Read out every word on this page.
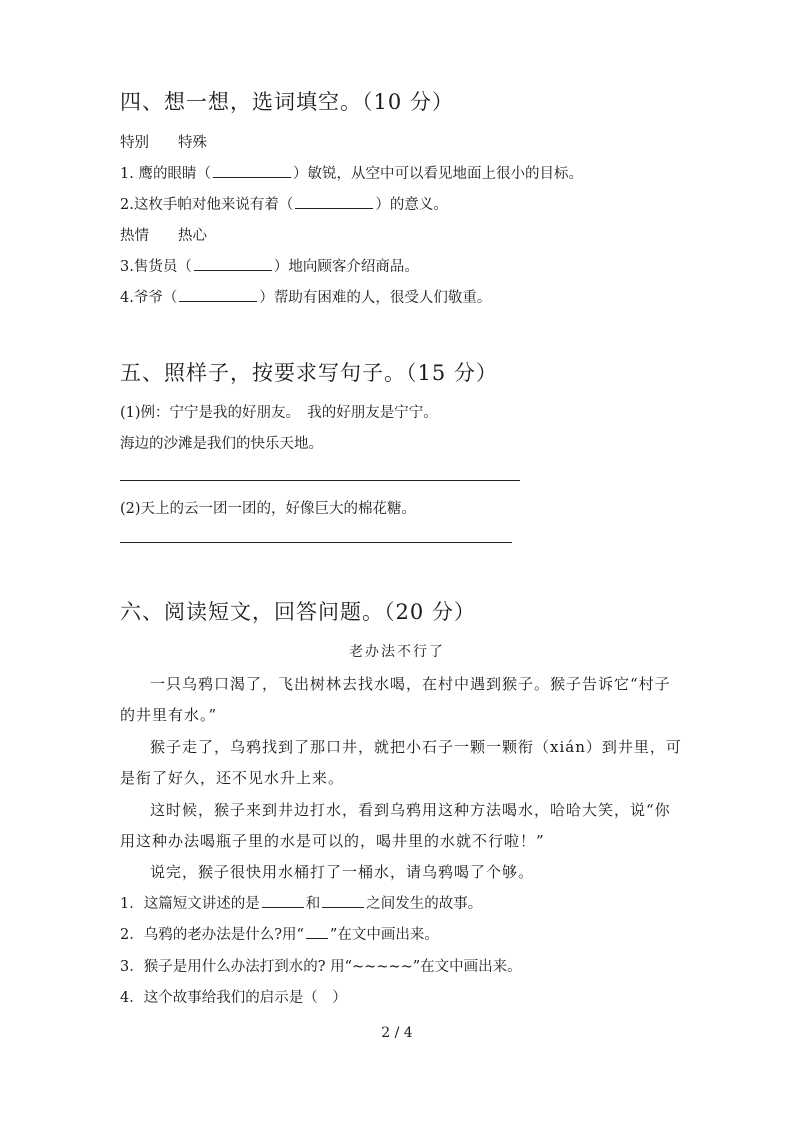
四、想一想，选词填空。（10 分）
特别　　特殊
1. 鹰的眼睛（	）敏锐，从空中可以看见地面上很小的目标。
2.这枚手帕对他来说有着（	）的意义。
热情　　热心
3.售货员（	）地向顾客介绍商品。
4.爷爷（	）帮助有困难的人，很受人们敬重。
五、照样子，按要求写句子。（15 分）
(1)例：宁宁是我的好朋友。　我的好朋友是宁宁。
海边的沙滩是我们的快乐天地。
(2)天上的云一团一团的，好像巨大的棉花糖。
六、阅读短文，回答问题。（20 分）
老办法不行了
一只乌鸦口渴了，飞出树林去找水喝，在村中遇到猴子。猴子告诉它“村子
的井里有水。”
猴子走了，乌鸦找到了那口井，就把小石子一颗一颗衔（xián）到井里，可
是衔了好久，还不见水升上来。
这时候，猴子来到井边打水，看到乌鸦用这种方法喝水，哈哈大笑，说“你
用这种办法喝瓶子里的水是可以的，喝井里的水就不行啦！”
说完，猴子很快用水桶打了一桶水，请乌鸦喝了个够。
1．这篇短文讲述的是	和	之间发生的故事。
2．乌鸦的老办法是什么?用“ ”在文中画出来。
3．猴子是用什么办法打到水的? 用“~~~~~”在文中画出来。
4．这个故事给我们的启示是（　）
2 / 4
